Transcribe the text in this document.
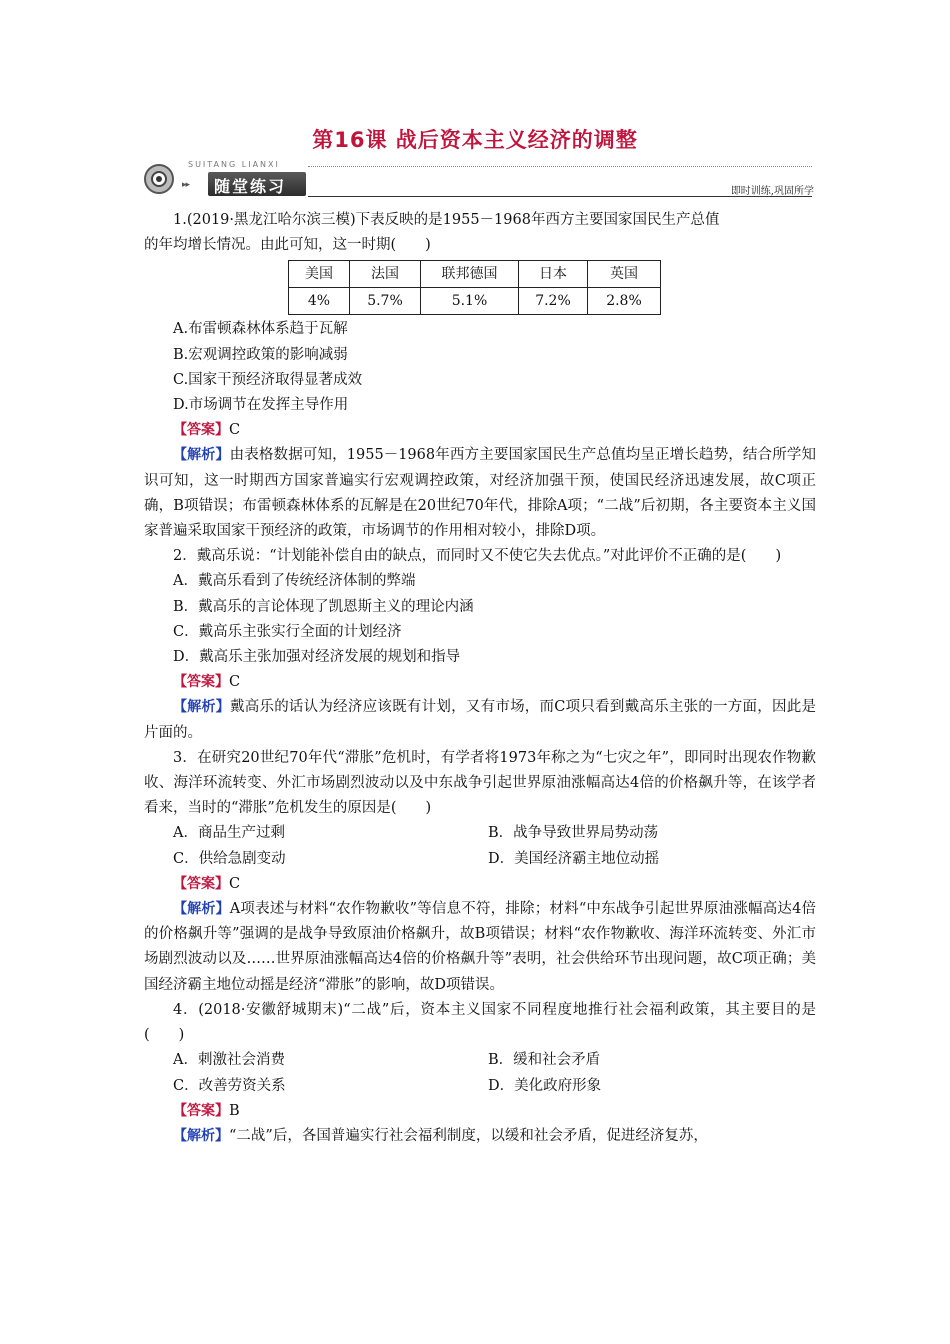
第16课 战后资本主义经济的调整
SUITANG LIANXI
▸▸ 随堂练习	即时训练,巩固所学

1.(2019·黑龙江哈尔滨三模)下表反映的是1955－1968年西方主要国家国民生产总值

的年均增长情况。由此可知，这一时期(　　)

美国	法国	联邦德国	日本	英国
4%	5.7%	5.1%	7.2%	2.8%

A.布雷顿森林体系趋于瓦解

B.宏观调控政策的影响减弱

C.国家干预经济取得显著成效

D.市场调节在发挥主导作用

【答案】C

【解析】由表格数据可知，1955－1968年西方主要国家国民生产总值均呈正增长趋势，结合所学知识可知，这一时期西方国家普遍实行宏观调控政策，对经济加强干预，使国民经济迅速发展，故C项正确，B项错误；布雷顿森林体系的瓦解是在20世纪70年代，排除A项；“二战”后初期，各主要资本主义国家普遍采取国家干预经济的政策，市场调节的作用相对较小，排除D项。

2．戴高乐说：“计划能补偿自由的缺点，而同时又不使它失去优点。”对此评价不正确的是(　　)

A．戴高乐看到了传统经济体制的弊端

B．戴高乐的言论体现了凯恩斯主义的理论内涵

C．戴高乐主张实行全面的计划经济

D．戴高乐主张加强对经济发展的规划和指导

【答案】C

【解析】戴高乐的话认为经济应该既有计划，又有市场，而C项只看到戴高乐主张的一方面，因此是片面的。

3．在研究20世纪70年代“滞胀”危机时，有学者将1973年称之为“七灾之年”，即同时出现农作物歉收、海洋环流转变、外汇市场剧烈波动以及中东战争引起世界原油涨幅高达4倍的价格飙升等，在该学者看来，当时的“滞胀”危机发生的原因是(　　)

A．商品生产过剩	B．战争导致世界局势动荡
C．供给急剧变动	D．美国经济霸主地位动摇

【答案】C

【解析】A项表述与材料“农作物歉收”等信息不符，排除；材料“中东战争引起世界原油涨幅高达4倍的价格飙升等”强调的是战争导致原油价格飙升，故B项错误；材料“农作物歉收、海洋环流转变、外汇市场剧烈波动以及……世界原油涨幅高达4倍的价格飙升等”表明，社会供给环节出现问题，故C项正确；美国经济霸主地位动摇是经济“滞胀”的影响，故D项错误。

4．(2018·安徽舒城期末)“二战”后，资本主义国家不同程度地推行社会福利政策，其主要目的是(　　)

A．刺激社会消费	B．缓和社会矛盾
C．改善劳资关系	D．美化政府形象

【答案】B

【解析】“二战”后，各国普遍实行社会福利制度，以缓和社会矛盾，促进经济复苏，
